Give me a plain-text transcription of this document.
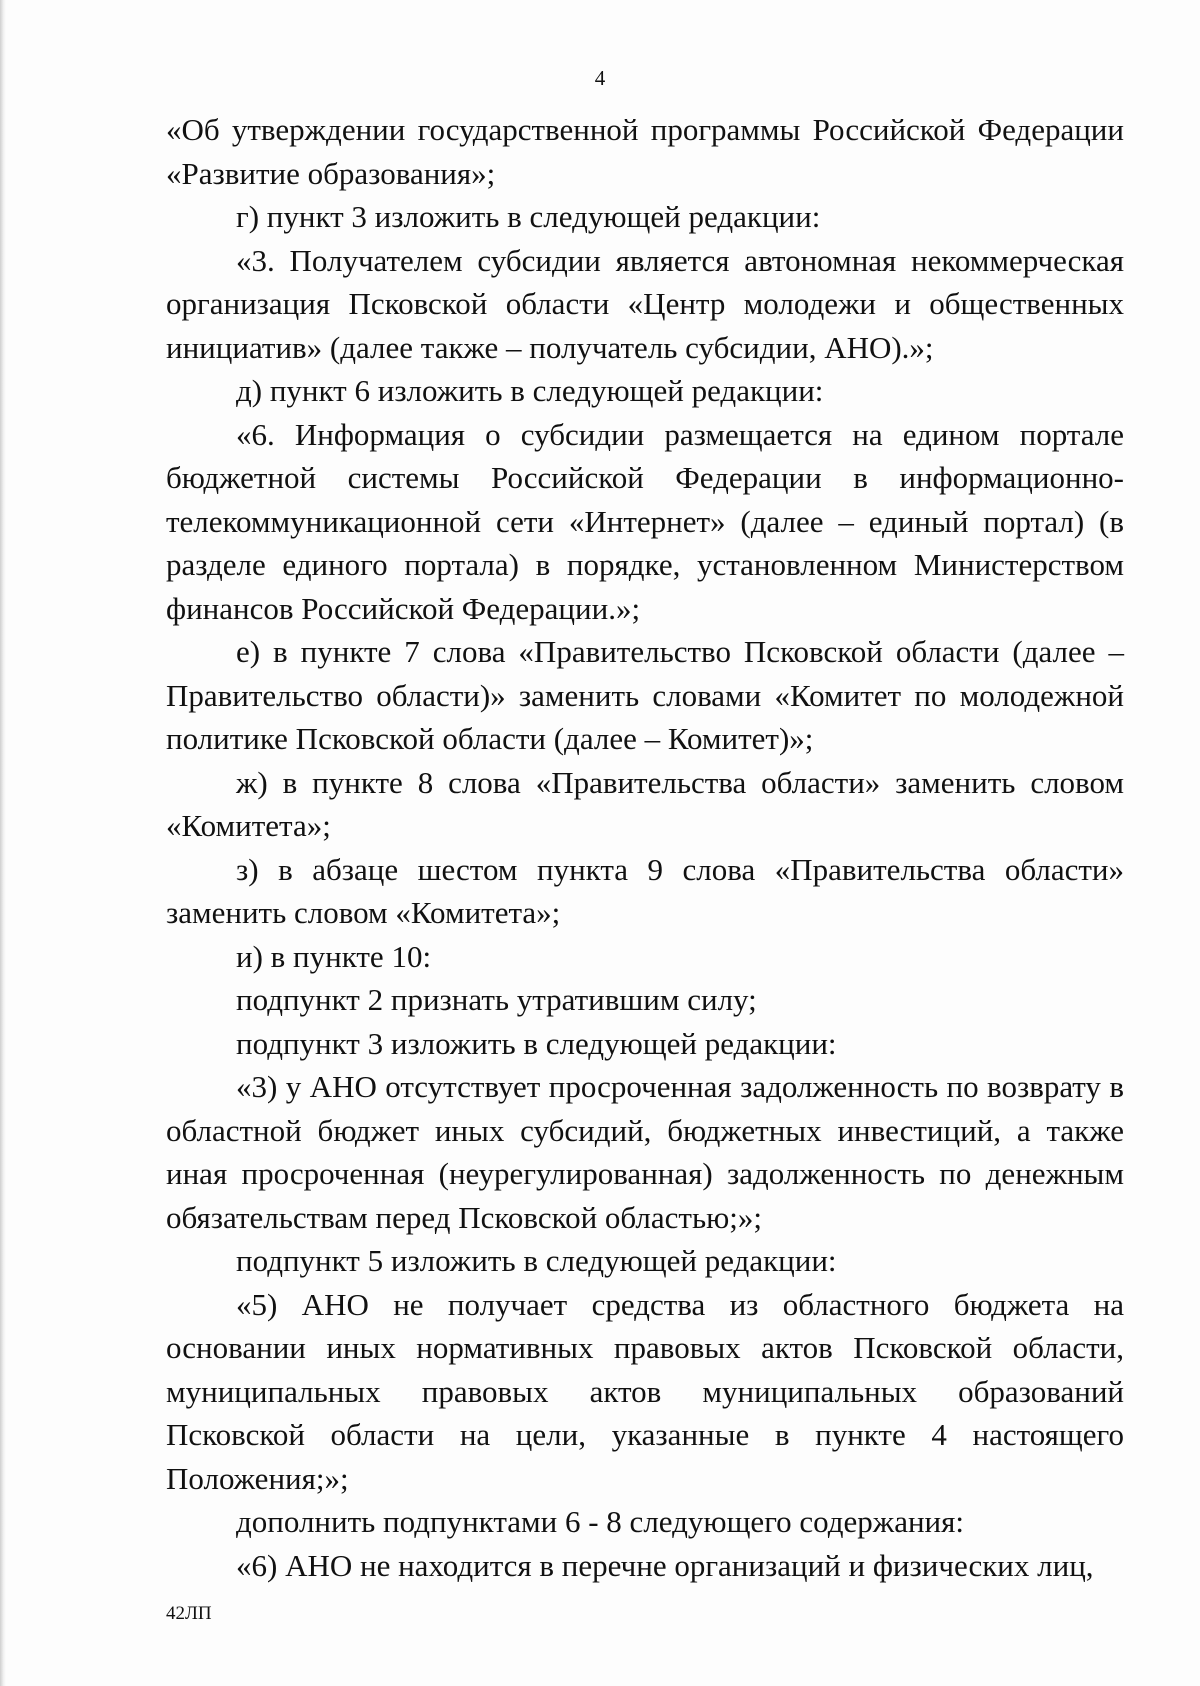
4

«Об утверждении государственной программы Российской Федерации «Развитие образования»;

г) пункт 3 изложить в следующей редакции:

«3. Получателем субсидии является автономная некоммерческая организация Псковской области «Центр молодежи и общественных инициатив» (далее также – получатель субсидии, АНО).»;

д) пункт 6 изложить в следующей редакции:

«6. Информация о субсидии размещается на едином портале бюджетной системы Российской Федерации в информационно-телекоммуникационной сети «Интернет» (далее – единый портал) (в разделе единого портала) в порядке, установленном Министерством финансов Российской Федерации.»;

е) в пункте 7 слова «Правительство Псковской области (далее – Правительство области)» заменить словами «Комитет по молодежной политике Псковской области (далее – Комитет)»;

ж) в пункте 8 слова «Правительства области» заменить словом «Комитета»;

з) в абзаце шестом пункта 9 слова «Правительства области» заменить словом «Комитета»;

и) в пункте 10:

подпункт 2 признать утратившим силу;

подпункт 3 изложить в следующей редакции:

«3) у АНО отсутствует просроченная задолженность по возврату в областной бюджет иных субсидий, бюджетных инвестиций, а также иная просроченная (неурегулированная) задолженность по денежным обязательствам перед Псковской областью;»;

подпункт 5 изложить в следующей редакции:

«5) АНО не получает средства из областного бюджета на основании иных нормативных правовых актов Псковской области, муниципальных правовых актов муниципальных образований Псковской области на цели, указанные в пункте 4 настоящего Положения;»;

дополнить подпунктами 6 - 8 следующего содержания:

«6) АНО не находится в перечне организаций и физических лиц,

42ЛП
